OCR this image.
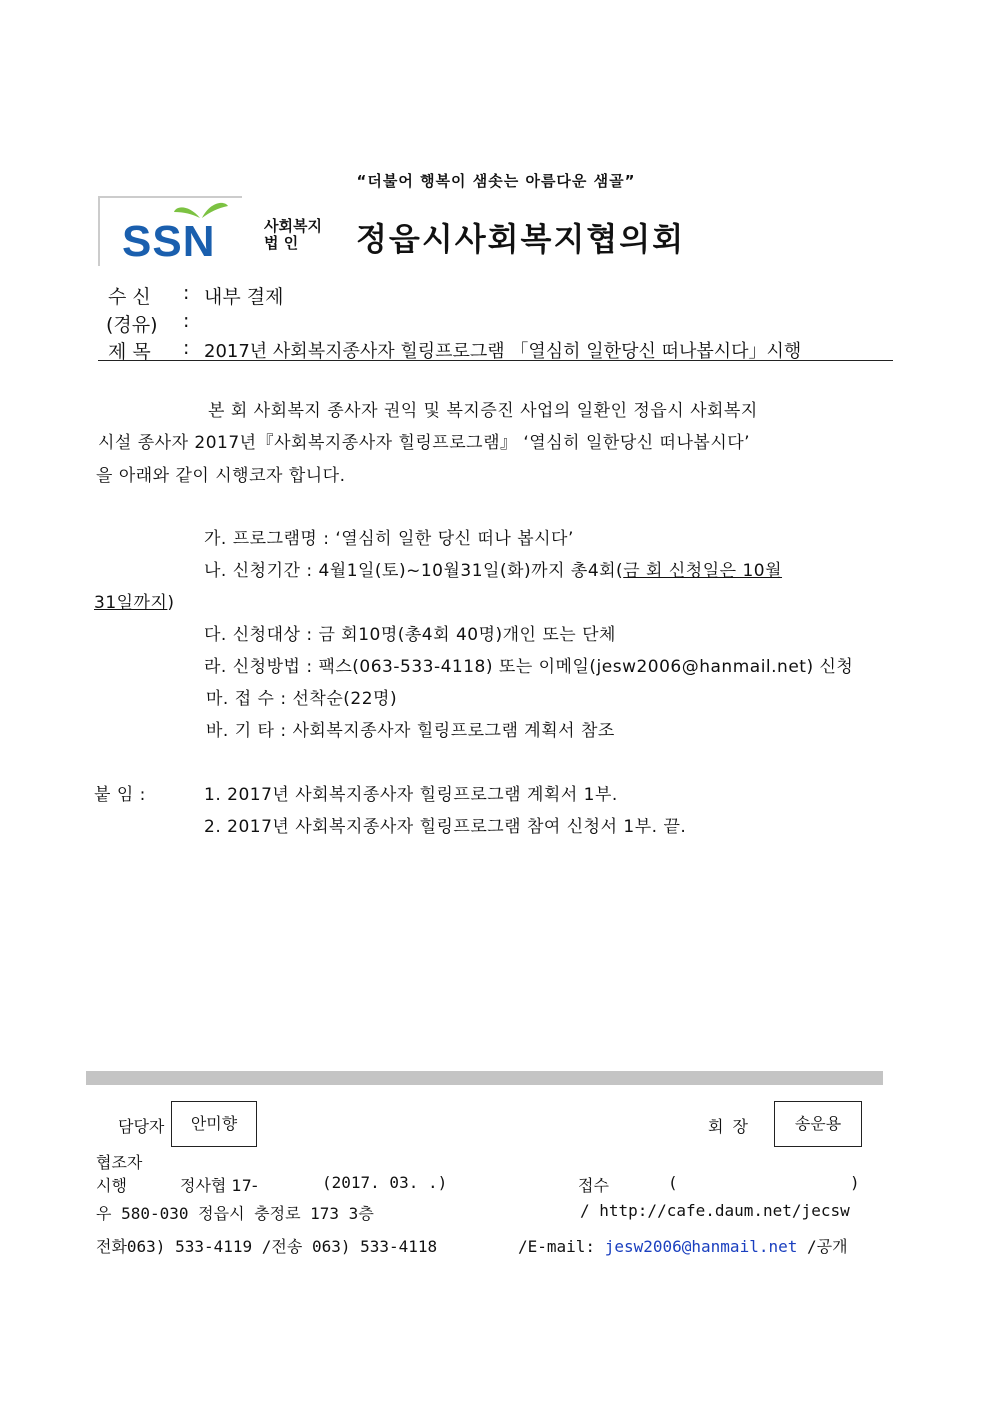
“더불어 행복이 샘솟는 아름다운 샘골”
SSN	사회복지
법 인	정읍시사회복지협의회
수 신 : 내부 결제
(경유) :
제 목 : 2017년 사회복지종사자 힐링프로그램 「열심히 일한당신 떠나봅시다」시행
본 회 사회복지 종사자 권익 및 복지증진 사업의 일환인 정읍시 사회복지
시설 종사자 2017년『사회복지종사자 힐링프로그램』 ‘열심히 일한당신 떠나봅시다’
을 아래와 같이 시행코자 합니다.
가. 프로그램명 : ‘열심히 일한 당신 떠나 봅시다’
나. 신청기간 : 4월1일(토)~10월31일(화)까지 총4회(금 회 신청일은 10월
31일까지)
다. 신청대상 : 금 회10명(총4회 40명)개인 또는 단체
라. 신청방법 : 팩스(063-533-4118) 또는 이메일(jesw2006@hanmail.net) 신청
마. 접 수 : 선착순(22명)
바. 기 타 : 사회복지종사자 힐링프로그램 계획서 참조
붙 임 :	1. 2017년 사회복지종사자 힐링프로그램 계획서 1부.
2. 2017년 사회복지종사자 힐링프로그램 참여 신청서 1부. 끝.
담당자	안미향	회 장	송운용
협조자
시행	정사협 17-	(2017. 03. .)	접수	(	)
우 580-030 정읍시 충정로 173 3층	/ http://cafe.daum.net/jecsw
전화063) 533-4119 /전송 063) 533-4118	/E-mail: jesw2006@hanmail.net /공개
